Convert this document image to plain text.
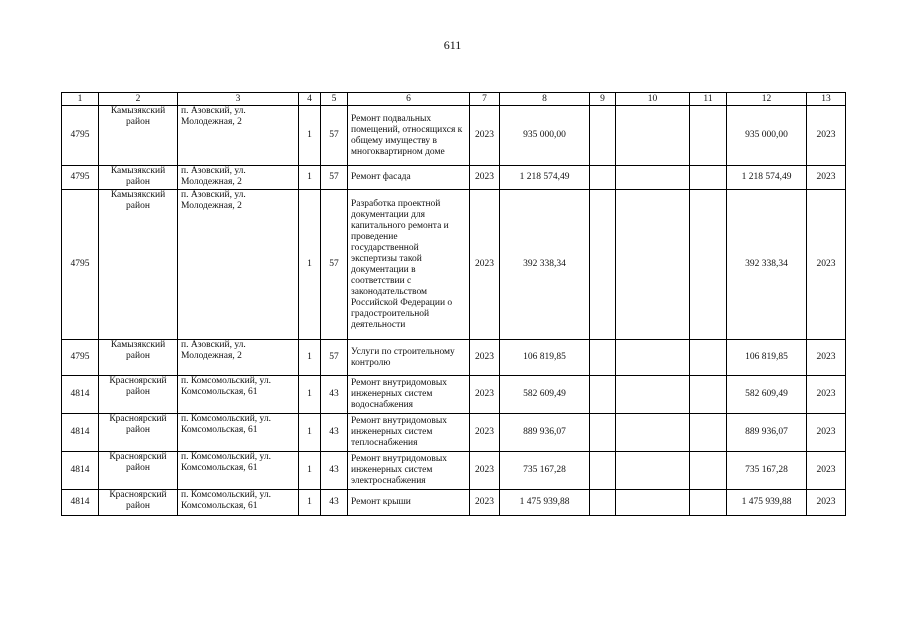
611
1	2	3	4	5	6	7	8	9	10	11	12	13
4795	Камызякский район	п. Азовский, ул. Молодежная, 2	1	57	Ремонт подвальных помещений, относящихся к общему имуществу в многоквартирном доме	2023	935 000,00				935 000,00	2023
4795	Камызякский район	п. Азовский, ул. Молодежная, 2	1	57	Ремонт фасада	2023	1 218 574,49				1 218 574,49	2023
4795	Камызякский район	п. Азовский, ул. Молодежная, 2	1	57	Разработка проектной документации для капитального ремонта и проведение государственной экспертизы такой документации в соответствии с законодательством Российской Федерации о градостроительной деятельности	2023	392 338,34				392 338,34	2023
4795	Камызякский район	п. Азовский, ул. Молодежная, 2	1	57	Услуги по строительному контролю	2023	106 819,85				106 819,85	2023
4814	Красноярский район	п. Комсомольский, ул. Комсомольская, 61	1	43	Ремонт внутридомовых инженерных систем водоснабжения	2023	582 609,49				582 609,49	2023
4814	Красноярский район	п. Комсомольский, ул. Комсомольская, 61	1	43	Ремонт внутридомовых инженерных систем теплоснабжения	2023	889 936,07				889 936,07	2023
4814	Красноярский район	п. Комсомольский, ул. Комсомольская, 61	1	43	Ремонт внутридомовых инженерных систем электроснабжения	2023	735 167,28				735 167,28	2023
4814	Красноярский район	п. Комсомольский, ул. Комсомольская, 61	1	43	Ремонт крыши	2023	1 475 939,88				1 475 939,88	2023
